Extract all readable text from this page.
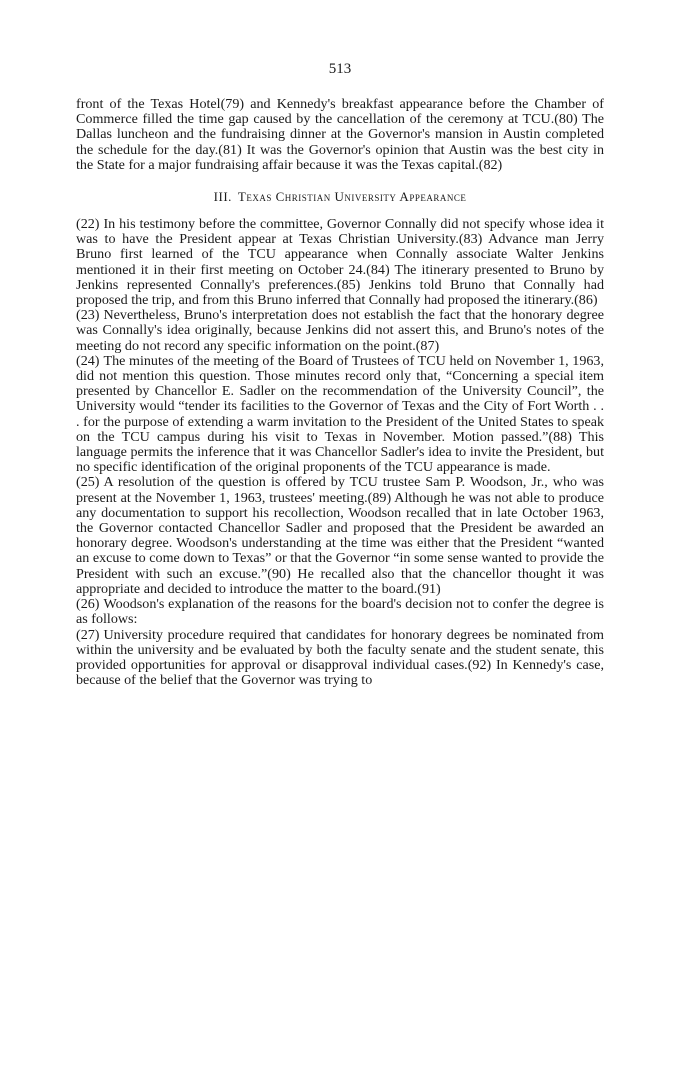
513

front of the Texas Hotel(79) and Kennedy's breakfast appearance before the Chamber of Commerce filled the time gap caused by the cancellation of the ceremony at TCU.(80) The Dallas luncheon and the fundraising dinner at the Governor's mansion in Austin completed the schedule for the day.(81) It was the Governor's opinion that Austin was the best city in the State for a major fundraising affair because it was the Texas capital.(82)

III. Texas Christian University Appearance

(22) In his testimony before the committee, Governor Connally did not specify whose idea it was to have the President appear at Texas Christian University.(83) Advance man Jerry Bruno first learned of the TCU appearance when Connally associate Walter Jenkins mentioned it in their first meeting on October 24.(84) The itinerary presented to Bruno by Jenkins represented Connally's preferences.(85) Jenkins told Bruno that Connally had proposed the trip, and from this Bruno inferred that Connally had proposed the itinerary.(86)

(23) Nevertheless, Bruno's interpretation does not establish the fact that the honorary degree was Connally's idea originally, because Jenkins did not assert this, and Bruno's notes of the meeting do not record any specific information on the point.(87)

(24) The minutes of the meeting of the Board of Trustees of TCU held on November 1, 1963, did not mention this question. Those minutes record only that, “Concerning a special item presented by Chancellor E. Sadler on the recommendation of the University Council”, the University would “tender its facilities to the Governor of Texas and the City of Fort Worth . . . for the purpose of extending a warm invitation to the President of the United States to speak on the TCU campus during his visit to Texas in November. Motion passed.”(88) This language permits the inference that it was Chancellor Sadler's idea to invite the President, but no specific identification of the original proponents of the TCU appearance is made.

(25) A resolution of the question is offered by TCU trustee Sam P. Woodson, Jr., who was present at the November 1, 1963, trustees' meeting.(89) Although he was not able to produce any documentation to support his recollection, Woodson recalled that in late October 1963, the Governor contacted Chancellor Sadler and proposed that the President be awarded an honorary degree. Woodson's understanding at the time was either that the President “wanted an excuse to come down to Texas” or that the Governor “in some sense wanted to provide the President with such an excuse.”(90) He recalled also that the chancellor thought it was appropriate and decided to introduce the matter to the board.(91)

(26) Woodson's explanation of the reasons for the board's decision not to confer the degree is as follows:

(27) University procedure required that candidates for honorary degrees be nominated from within the university and be evaluated by both the faculty senate and the student senate, this provided opportunities for approval or disapproval individual cases.(92) In Kennedy's case, because of the belief that the Governor was trying to
